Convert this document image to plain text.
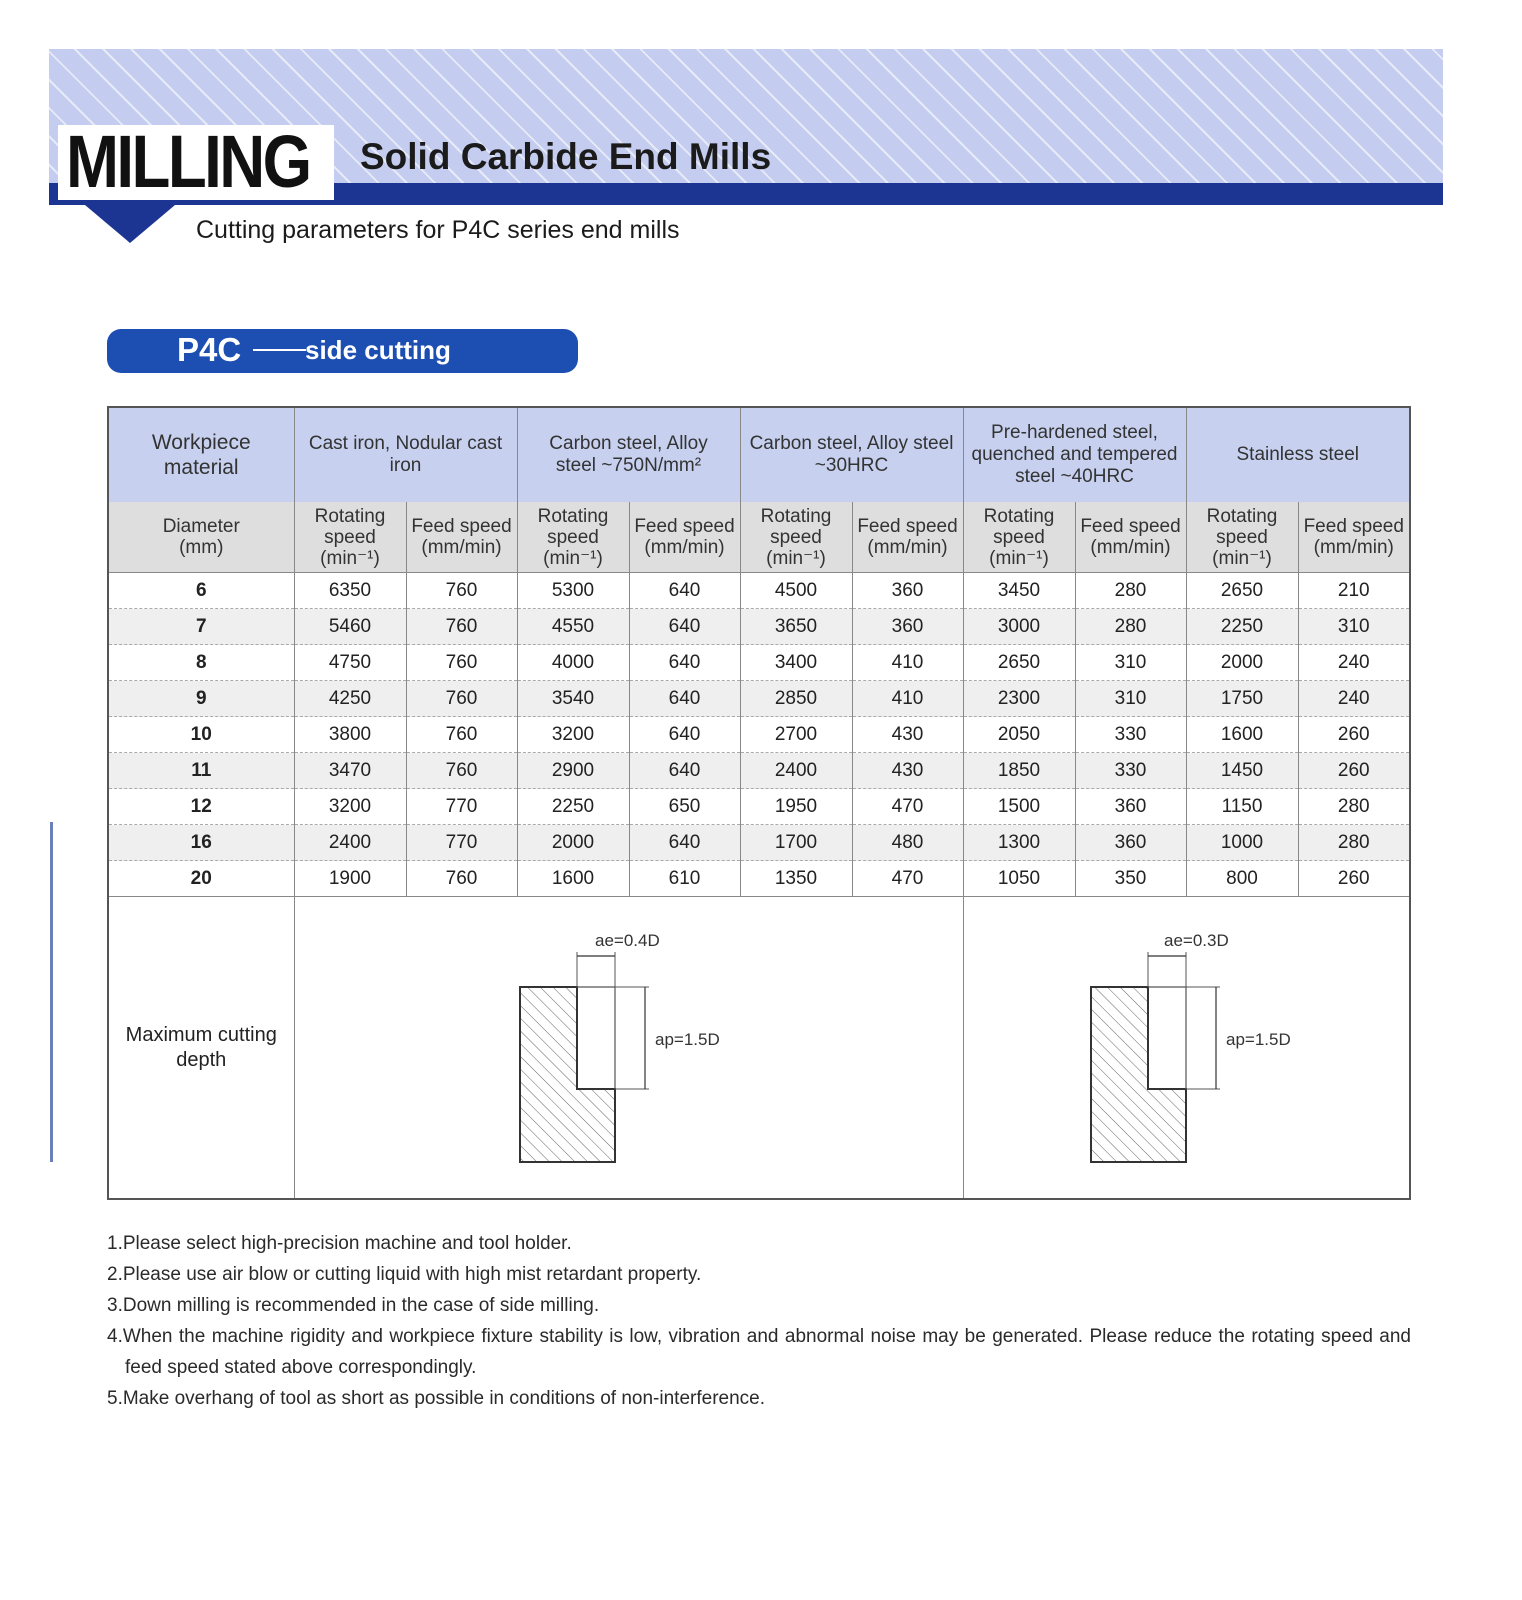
MILLING Solid Carbide End Mills
Cutting parameters for P4C series end mills
P4C side cutting
Workpiece material	Cast iron, Nodular cast iron		Carbon steel, Alloy steel ~750N/mm²		Carbon steel, Alloy steel ~30HRC		Pre-hardened steel, quenched and tempered steel ~40HRC		Stainless steel	
Diameter (mm)	Rotating speed (min⁻¹)	Feed speed (mm/min)	Rotating speed (min⁻¹)	Feed speed (mm/min)	Rotating speed (min⁻¹)	Feed speed (mm/min)	Rotating speed (min⁻¹)	Feed speed (mm/min)	Rotating speed (min⁻¹)	Feed speed (mm/min)
6	6350	760	5300	640	4500	360	3450	280	2650	210
7	5460	760	4550	640	3650	360	3000	280	2250	310
8	4750	760	4000	640	3400	410	2650	310	2000	240
9	4250	760	3540	640	2850	410	2300	310	1750	240
10	3800	760	3200	640	2700	430	2050	330	1600	260
11	3470	760	2900	640	2400	430	1850	330	1450	260
12	3200	770	2250	650	1950	470	1500	360	1150	280
16	2400	770	2000	640	1700	480	1300	360	1000	280
20	1900	760	1600	610	1350	470	1050	350	800	260

Maximum cutting depth	ae=0.4D
ap=1.5D						ae=0.3D
ap=1.5D			

1.Please select high-precision machine and tool holder.

2.Please use air blow or cutting liquid with high mist retardant property.

3.Down milling is recommended in the case of side milling.

4.When the machine rigidity and workpiece fixture stability is low, vibration and abnormal noise may be generated. Please reduce the rotating speed and feed speed stated above correspondingly.

5.Make overhang of tool as short as possible in conditions of non-interference.
